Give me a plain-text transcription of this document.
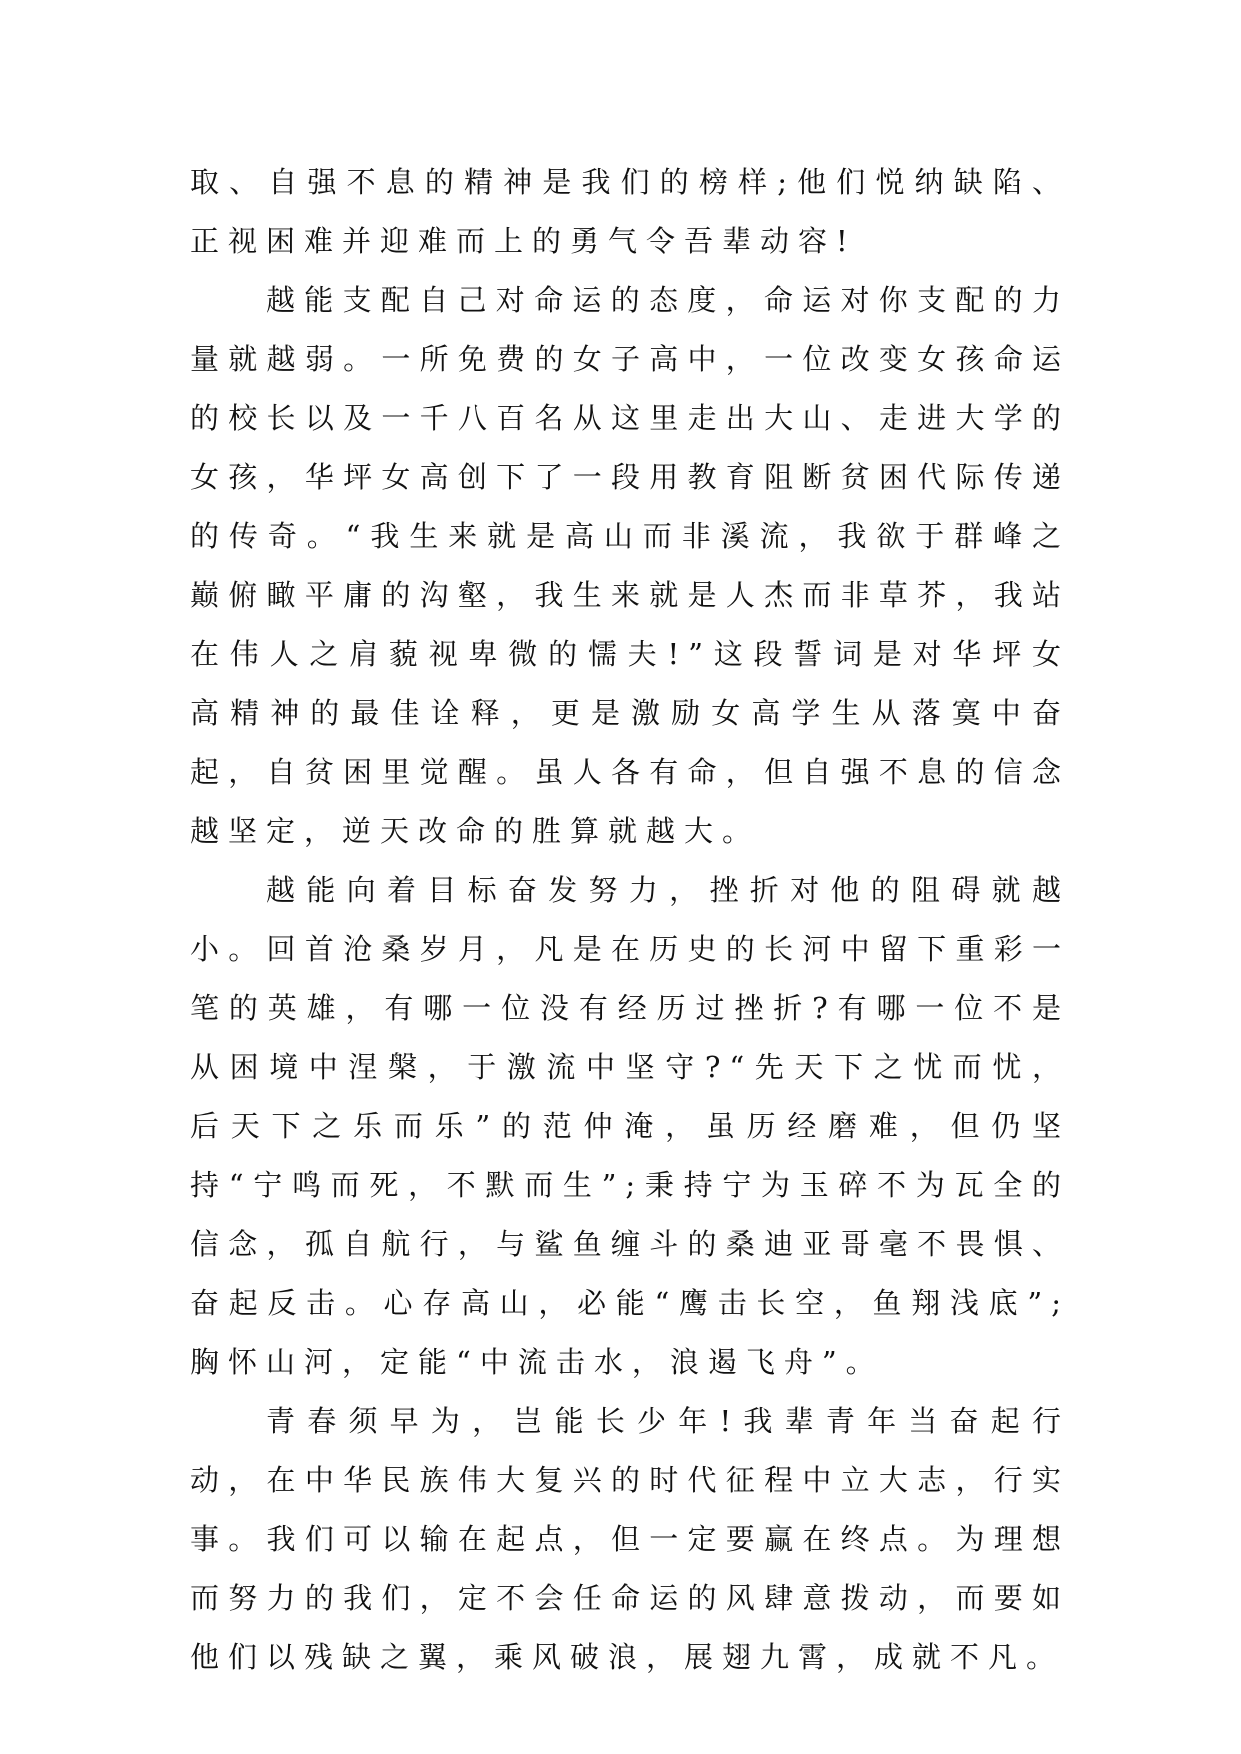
取、自强不息的精神是我们的榜样;他们悦纳缺陷、正视困难并迎难而上的勇气令吾辈动容!

越能支配自己对命运的态度，命运对你支配的力量就越弱。一所免费的女子高中，一位改变女孩命运的校长以及一千八百名从这里走出大山、走进大学的女孩，华坪女高创下了一段用教育阻断贫困代际传递的传奇。“我生来就是高山而非溪流，我欲于群峰之巅俯瞰平庸的沟壑，我生来就是人杰而非草芥，我站在伟人之肩藐视卑微的懦夫!”这段誓词是对华坪女高精神的最佳诠释，更是激励女高学生从落寞中奋起，自贫困里觉醒。虽人各有命，但自强不息的信念越坚定，逆天改命的胜算就越大。

越能向着目标奋发努力，挫折对他的阻碍就越小。回首沧桑岁月，凡是在历史的长河中留下重彩一笔的英雄，有哪一位没有经历过挫折?有哪一位不是从困境中涅槃，于激流中坚守?“先天下之忧而忧，后天下之乐而乐”的范仲淹，虽历经磨难，但仍坚持“宁鸣而死，不默而生”;秉持宁为玉碎不为瓦全的信念，孤自航行，与鲨鱼缠斗的桑迪亚哥毫不畏惧、奋起反击。心存高山，必能“鹰击长空，鱼翔浅底”;胸怀山河，定能“中流击水，浪遏飞舟”。

青春须早为，岂能长少年!我辈青年当奋起行动，在中华民族伟大复兴的时代征程中立大志，行实事。我们可以输在起点，但一定要赢在终点。为理想而努力的我们，定不会任命运的风肆意拨动，而要如他们以残缺之翼，乘风破浪，展翅九霄，成就不凡。
